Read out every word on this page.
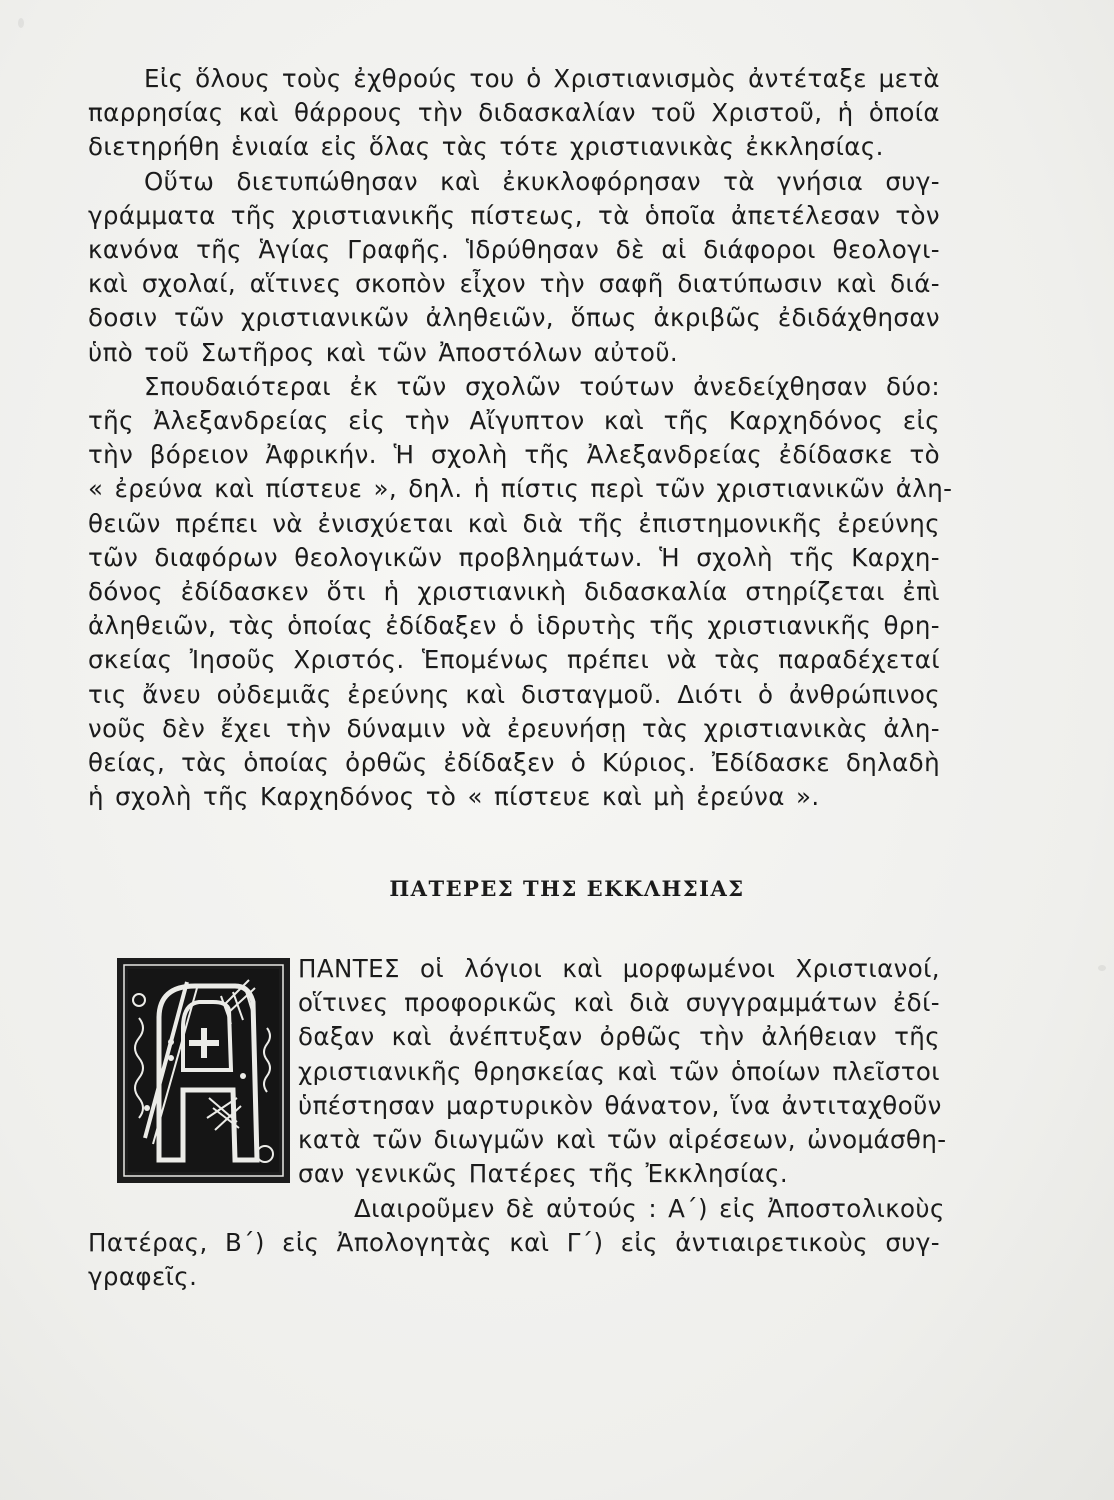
Εἰς ὅλους τοὺς ἐχθρούς του ὁ Χριστιανισμὸς ἀντέταξε μετὰ
παρρησίας καὶ θάρρους τὴν διδασκαλίαν τοῦ Χριστοῦ, ἡ ὁποία
διετηρήθη ἑνιαία εἰς ὅλας τὰς τότε χριστιανικὰς ἐκκλησίας.

Οὕτω διετυπώθησαν καὶ ἐκυκλοφόρησαν τὰ γνήσια συγ-
γράμματα τῆς χριστιανικῆς πίστεως, τὰ ὁποῖα ἀπετέλεσαν τὸν
κανόνα τῆς Ἁγίας Γραφῆς. Ἱδρύθησαν δὲ αἱ διάφοροι θεολογι-
καὶ σχολαί, αἵτινες σκοπὸν εἶχον τὴν σαφῆ διατύπωσιν καὶ διά-
δοσιν τῶν χριστιανικῶν ἀληθειῶν, ὅπως ἀκριβῶς ἐδιδάχθησαν
ὑπὸ τοῦ Σωτῆρος καὶ τῶν Ἀποστόλων αὐτοῦ.

Σπουδαιότεραι ἐκ τῶν σχολῶν τούτων ἀνεδείχθησαν δύο:
τῆς Ἀλεξανδρείας εἰς τὴν Αἴγυπτον καὶ τῆς Καρχηδόνος εἰς
τὴν βόρειον Ἀφρικήν. Ἡ σχολὴ τῆς Ἀλεξανδρείας ἐδίδασκε τὸ
« ἐρεύνα καὶ πίστευε », δηλ. ἡ πίστις περὶ τῶν χριστιανικῶν ἀλη-
θειῶν πρέπει νὰ ἐνισχύεται καὶ διὰ τῆς ἐπιστημονικῆς ἐρεύνης
τῶν διαφόρων θεολογικῶν προβλημάτων. Ἡ σχολὴ τῆς Καρχη-
δόνος ἐδίδασκεν ὅτι ἡ χριστιανικὴ διδασκαλία στηρίζεται ἐπὶ
ἀληθειῶν, τὰς ὁποίας ἐδίδαξεν ὁ ἱδρυτὴς τῆς χριστιανικῆς θρη-
σκείας Ἰησοῦς Χριστός. Ἑπομένως πρέπει νὰ τὰς παραδέχεταί
τις ἄνευ οὐδεμιᾶς ἐρεύνης καὶ δισταγμοῦ. Διότι ὁ ἀνθρώπινος
νοῦς δὲν ἔχει τὴν δύναμιν νὰ ἐρευνήσῃ τὰς χριστιανικὰς ἀλη-
θείας, τὰς ὁποίας ὀρθῶς ἐδίδαξεν ὁ Κύριος. Ἐδίδασκε δηλαδὴ
ἡ σχολὴ τῆς Καρχηδόνος τὸ « πίστευε καὶ μὴ ἐρεύνα ».

ΠΑΤΕΡΕΣ ΤΗΣ ΕΚΚΛΗΣΙΑΣ

ΠΑΝΤΕΣ οἱ λόγιοι καὶ μορφωμένοι Χριστιανοί,
οἵτινες προφορικῶς καὶ διὰ συγγραμμάτων ἐδί-
δαξαν καὶ ἀνέπτυξαν ὀρθῶς τὴν ἀλήθειαν τῆς
χριστιανικῆς θρησκείας καὶ τῶν ὁποίων πλεῖστοι
ὑπέστησαν μαρτυρικὸν θάνατον, ἵνα ἀντιταχθοῦν
κατὰ τῶν διωγμῶν καὶ τῶν αἱρέσεων, ὠνομάσθη-
σαν γενικῶς Πατέρες τῆς Ἐκκλησίας.

Διαιροῦμεν δὲ αὐτούς : Α΄) εἰς Ἀποστολικοὺς
Πατέρας, Β΄) εἰς Ἀπολογητὰς καὶ Γ΄) εἰς ἀντιαιρετικοὺς συγ-
γραφεῖς.
